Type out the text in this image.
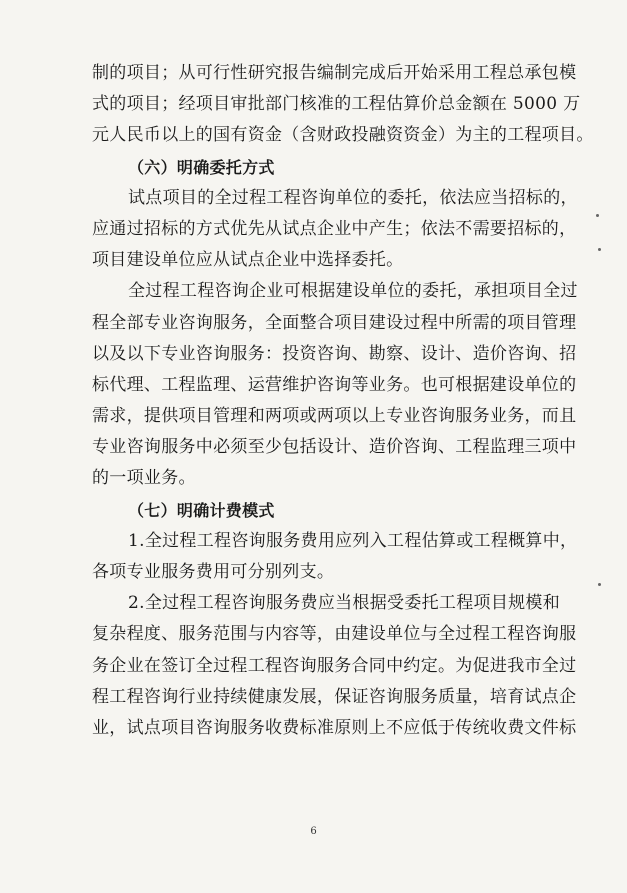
制的项目；从可行性研究报告编制完成后开始采用工程总承包模
式的项目；经项目审批部门核准的工程估算价总金额在 5000 万
元人民币以上的国有资金（含财政投融资资金）为主的工程项目。
（六）明确委托方式
试点项目的全过程工程咨询单位的委托，依法应当招标的，
应通过招标的方式优先从试点企业中产生；依法不需要招标的，
项目建设单位应从试点企业中选择委托。
全过程工程咨询企业可根据建设单位的委托，承担项目全过
程全部专业咨询服务，全面整合项目建设过程中所需的项目管理
以及以下专业咨询服务：投资咨询、勘察、设计、造价咨询、招
标代理、工程监理、运营维护咨询等业务。也可根据建设单位的
需求，提供项目管理和两项或两项以上专业咨询服务业务，而且
专业咨询服务中必须至少包括设计、造价咨询、工程监理三项中
的一项业务。
（七）明确计费模式
1.全过程工程咨询服务费用应列入工程估算或工程概算中，
各项专业服务费用可分别列支。
2.全过程工程咨询服务费应当根据受委托工程项目规模和
复杂程度、服务范围与内容等，由建设单位与全过程工程咨询服
务企业在签订全过程工程咨询服务合同中约定。为促进我市全过
程工程咨询行业持续健康发展，保证咨询服务质量，培育试点企
业，试点项目咨询服务收费标准原则上不应低于传统收费文件标
6
